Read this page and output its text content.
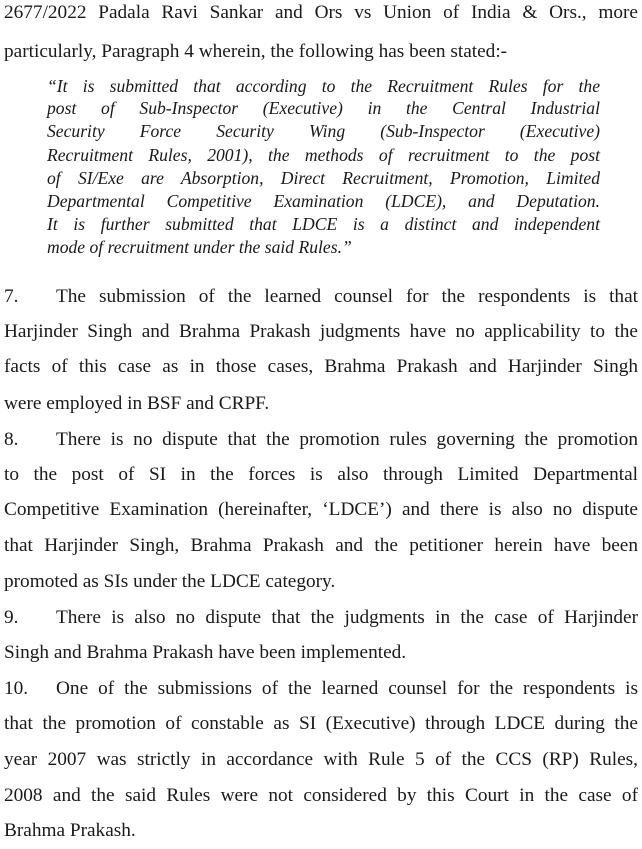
2677/2022 Padala Ravi Sankar and Ors vs Union of India & Ors., more
particularly, Paragraph 4 wherein, the following has been stated:-
“It is submitted that according to the Recruitment Rules for the
post of Sub-Inspector (Executive) in the Central Industrial
Security Force Security Wing (Sub-Inspector (Executive)
Recruitment Rules, 2001), the methods of recruitment to the post
of SI/Exe are Absorption, Direct Recruitment, Promotion, Limited
Departmental Competitive Examination (LDCE), and Deputation.
It is further submitted that LDCE is a distinct and independent
mode of recruitment under the said Rules.”
7. The submission of the learned counsel for the respondents is that
Harjinder Singh and Brahma Prakash judgments have no applicability to the
facts of this case as in those cases, Brahma Prakash and Harjinder Singh
were employed in BSF and CRPF.
8. There is no dispute that the promotion rules governing the promotion
to the post of SI in the forces is also through Limited Departmental
Competitive Examination (hereinafter, ‘LDCE’) and there is also no dispute
that Harjinder Singh, Brahma Prakash and the petitioner herein have been
promoted as SIs under the LDCE category.
9. There is also no dispute that the judgments in the case of Harjinder
Singh and Brahma Prakash have been implemented.
10. One of the submissions of the learned counsel for the respondents is
that the promotion of constable as SI (Executive) through LDCE during the
year 2007 was strictly in accordance with Rule 5 of the CCS (RP) Rules,
2008 and the said Rules were not considered by this Court in the case of
Brahma Prakash.
